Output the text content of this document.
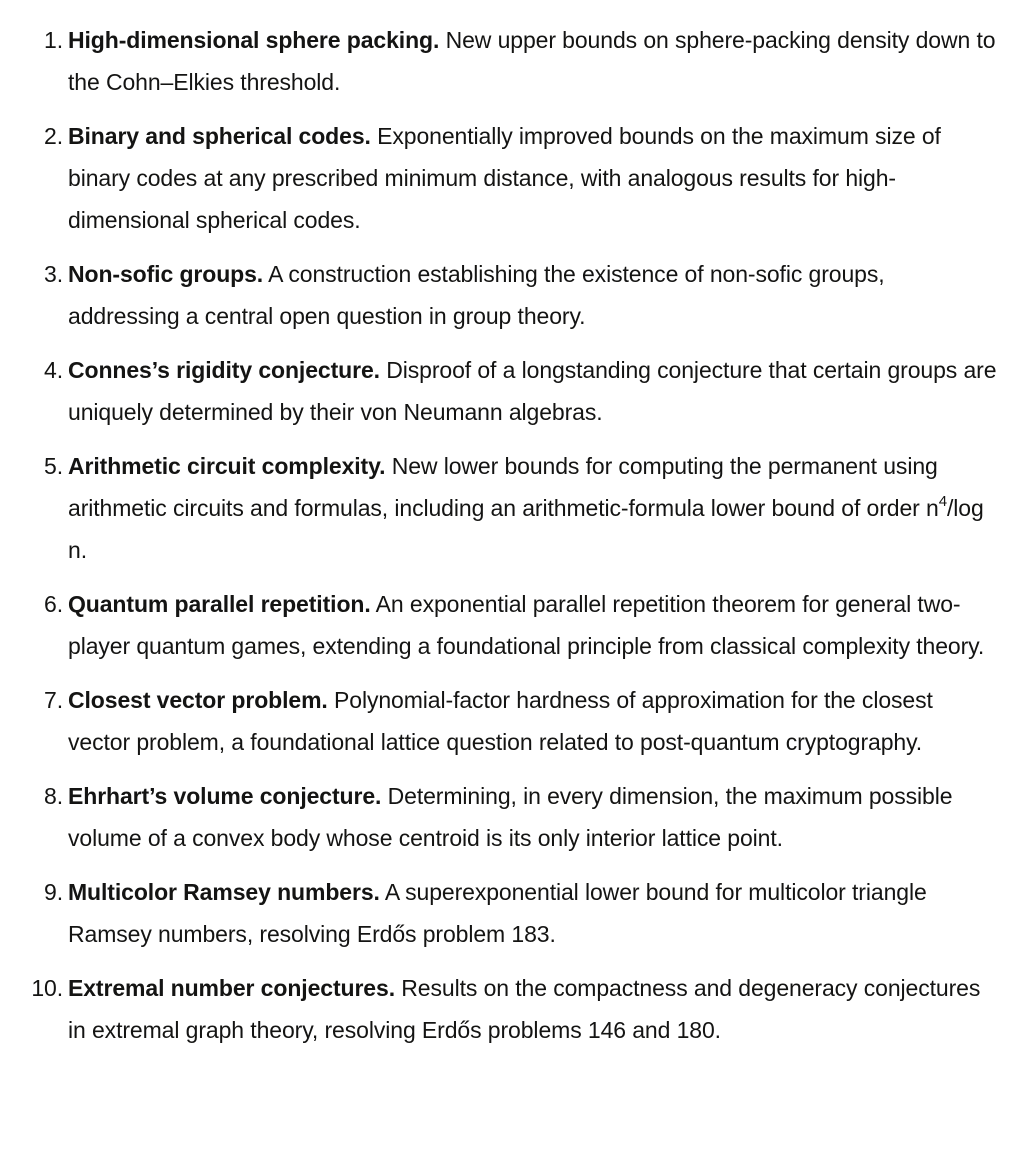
1. High-dimensional sphere packing. New upper bounds on sphere-packing density down to the Cohn–Elkies threshold.
2. Binary and spherical codes. Exponentially improved bounds on the maximum size of binary codes at any prescribed minimum distance, with analogous results for high-dimensional spherical codes.
3. Non-sofic groups. A construction establishing the existence of non-sofic groups, addressing a central open question in group theory.
4. Connes’s rigidity conjecture. Disproof of a longstanding conjecture that certain groups are uniquely determined by their von Neumann algebras.
5. Arithmetic circuit complexity. New lower bounds for computing the permanent using arithmetic circuits and formulas, including an arithmetic-formula lower bound of order $n^4/\log$ n.
6. Quantum parallel repetition. An exponential parallel repetition theorem for general two-player quantum games, extending a foundational principle from classical complexity theory.
7. Closest vector problem. Polynomial-factor hardness of approximation for the closest vector problem, a foundational lattice question related to post-quantum cryptography.
8. Ehrhart’s volume conjecture. Determining, in every dimension, the maximum possible volume of a convex body whose centroid is its only interior lattice point.
9. Multicolor Ramsey numbers. A superexponential lower bound for multicolor triangle Ramsey numbers, resolving Erdős problem 183.
10. Extremal number conjectures. Results on the compactness and degeneracy conjectures in extremal graph theory, resolving Erdős problems 146 and 180.
